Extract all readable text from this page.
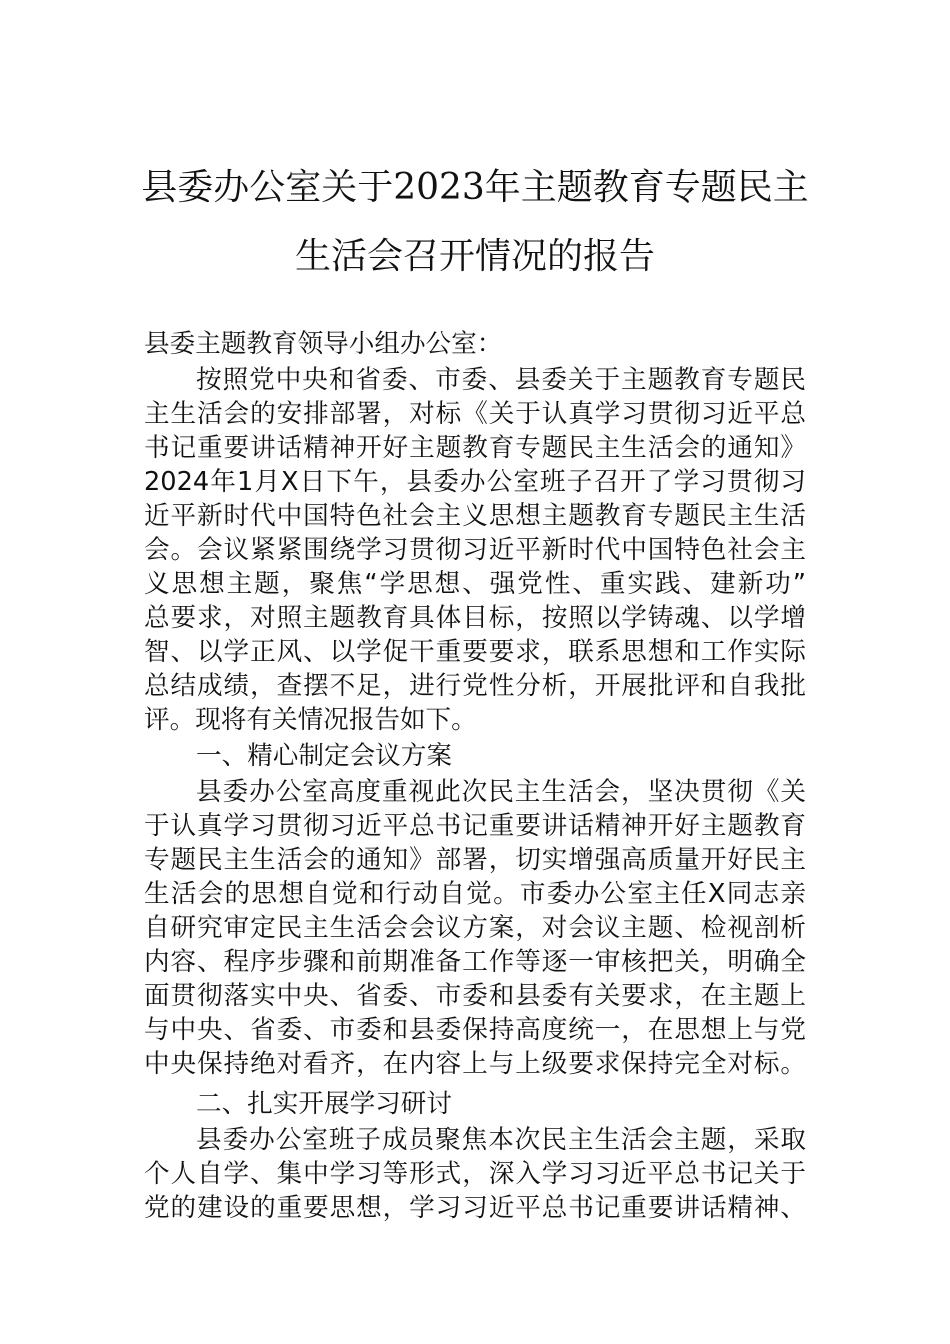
县委办公室关于2023年主题教育专题民主
生活会召开情况的报告
县委主题教育领导小组办公室：
按照党中央和省委、市委、县委关于主题教育专题民
主生活会的安排部署，对标《关于认真学习贯彻习近平总
书记重要讲话精神开好主题教育专题民主生活会的通知》
2024年1月X日下午，县委办公室班子召开了学习贯彻习
近平新时代中国特色社会主义思想主题教育专题民主生活
会。会议紧紧围绕学习贯彻习近平新时代中国特色社会主
义思想主题，聚焦“学思想、强党性、重实践、建新功”
总要求，对照主题教育具体目标，按照以学铸魂、以学增
智、以学正风、以学促干重要要求，联系思想和工作实际
总结成绩，查摆不足，进行党性分析，开展批评和自我批
评。现将有关情况报告如下。
一、精心制定会议方案
县委办公室高度重视此次民主生活会，坚决贯彻《关
于认真学习贯彻习近平总书记重要讲话精神开好主题教育
专题民主生活会的通知》部署，切实增强高质量开好民主
生活会的思想自觉和行动自觉。市委办公室主任X同志亲
自研究审定民主生活会会议方案，对会议主题、检视剖析
内容、程序步骤和前期准备工作等逐一审核把关，明确全
面贯彻落实中央、省委、市委和县委有关要求，在主题上
与中央、省委、市委和县委保持高度统一，在思想上与党
中央保持绝对看齐，在内容上与上级要求保持完全对标。
二、扎实开展学习研讨
县委办公室班子成员聚焦本次民主生活会主题，采取
个人自学、集中学习等形式，深入学习习近平总书记关于
党的建设的重要思想，学习习近平总书记重要讲话精神、
